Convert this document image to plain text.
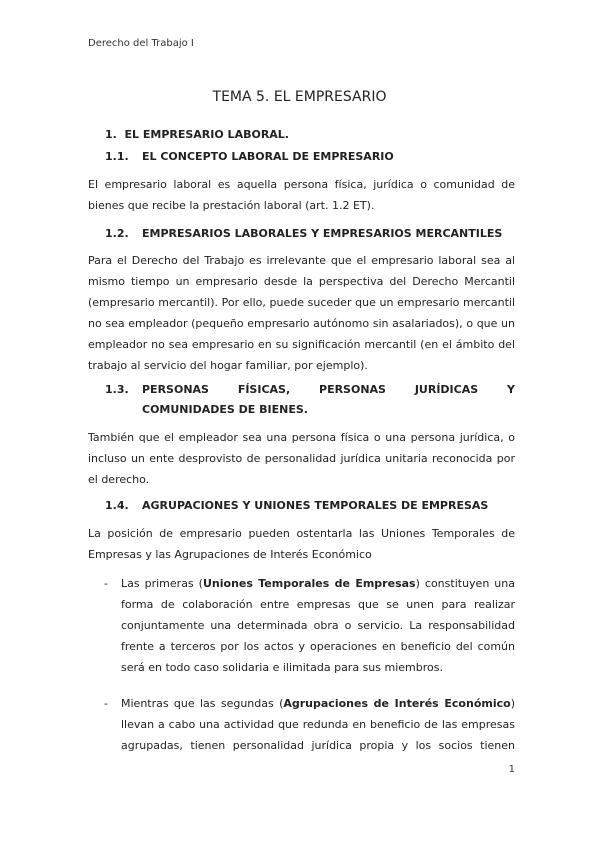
Derecho del Trabajo I
TEMA 5. EL EMPRESARIO
1. EL EMPRESARIO LABORAL.
1.1. EL CONCEPTO LABORAL DE EMPRESARIO
El empresario laboral es aquella persona física, jurídica o comunidad de
bienes que recibe la prestación laboral (art. 1.2 ET).
1.2. EMPRESARIOS LABORALES Y EMPRESARIOS MERCANTILES
Para el Derecho del Trabajo es irrelevante que el empresario laboral sea al
mismo tiempo un empresario desde la perspectiva del Derecho Mercantil
(empresario mercantil). Por ello, puede suceder que un empresario mercantil
no sea empleador (pequeño empresario autónomo sin asalariados), o que un
empleador no sea empresario en su significación mercantil (en el ámbito del
trabajo al servicio del hogar familiar, por ejemplo).
1.3. PERSONAS FÍSICAS, PERSONAS JURÍDICAS Y
COMUNIDADES DE BIENES.
También que el empleador sea una persona física o una persona jurídica, o
incluso un ente desprovisto de personalidad jurídica unitaria reconocida por
el derecho.
1.4. AGRUPACIONES Y UNIONES TEMPORALES DE EMPRESAS
La posición de empresario pueden ostentarla las Uniones Temporales de
Empresas y las Agrupaciones de Interés Económico
- Las primeras (Uniones Temporales de Empresas) constituyen una
forma de colaboración entre empresas que se unen para realizar
conjuntamente una determinada obra o servicio. La responsabilidad
frente a terceros por los actos y operaciones en beneficio del común
será en todo caso solidaria e ilimitada para sus miembros.
- Mientras que las segundas (Agrupaciones de Interés Económico)
llevan a cabo una actividad que redunda en beneficio de las empresas
agrupadas, tienen personalidad jurídica propia y los socios tienen
1
